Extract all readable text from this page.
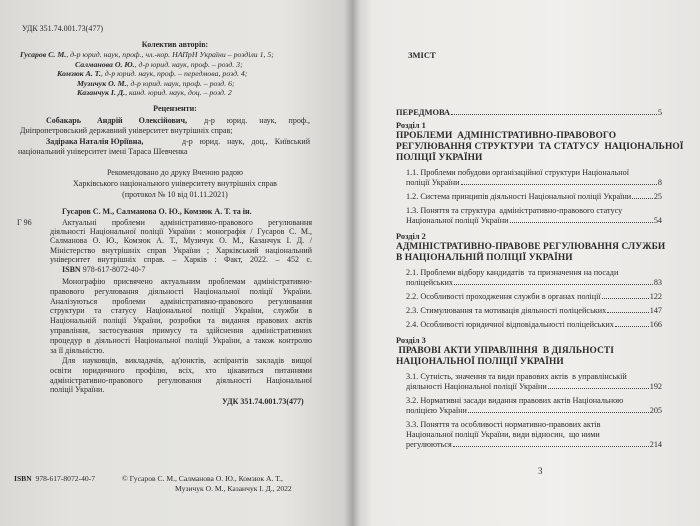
УДК 351.74.001.73(477)
Колектив авторів:
Гусаров С. М., д-р юрид. наук, проф., чл.-кор. НАПрН України – розділи 1, 5;
Салманова О. Ю., д-р юрид. наук, проф. – розд. 3;
Комзюк А. Т., д-р юрид. наук, проф. – передмова, розд. 4;
Музичук О. М., д-р юрид. наук, проф. – розд. 6;
Казанчук І. Д., канд. юрид. наук, доц. – розд. 2
Рецензенти:
Собакарь Андрій Олексійович, д-р юрид. наук, проф.,
Дніпропетровський державний університет внутрішніх справ;
Задірака Наталія Юріївна,	д-р юрид. наук, доц., Київський
національний університет імені Тараса Шевченка
Рекомендовано до друку Вченою радою
Харківського національного університету внутрішніх справ
(протокол № 10 від 01.11.2021)
Гусаров С. М., Салманова О. Ю., Комзюк А. Т. та ін.
Г 96	Актуальні проблеми адміністративно-правового регулювання
діяльності Національної поліції України : монографія / Гусаров С. М.,
Салманова О. Ю., Комзюк А. Т., Музичук О. М., Казанчук І. Д. /
Міністерство внутрішніх справ України ; Харківський національний
університет внутрішніх справ. – Харків : Факт, 2022. – 452 с.
ISBN 978-617-8072-40-7
Монографію присвячено актуальним проблемам адміністративно-
правового регулювання діяльності Національної поліції України.
Аналізуються проблеми адміністративно-правового регулювання
структури та статусу Національної поліції України, служби в
Національній поліції України, розробки та видання правових актів
управління, застосування примусу та здійснення адміністративних
процедур в діяльності Національної поліції України, а також контролю
за її діяльністю.
Для науковців, викладачів, ад'юнктів, аспірантів закладів вищої
освіти юридичного профілю, всіх, хто цікавиться питаннями
адміністративно-правового регулювання діяльності Національної
поліції України.
УДК 351.74.001.73(477)
ISBN 978-617-8072-40-7	© Гусаров С. М., Салманова О. Ю., Комзюк А. Т.,
Музичук О. М., Казанчук І. Д., 2022
ЗМІСТ
ПЕРЕДМОВА	5
Розділ 1
ПРОБЛЕМИ  АДМІНІСТРАТИВНО-ПРАВОВОГО
РЕГУЛЮВАННЯ СТРУКТУРИ  ТА СТАТУСУ  НАЦІОНАЛЬНОЇ
ПОЛІЦІЇ УКРАЇНИ
1.1. Проблеми побудови організаційної структури Національної
поліції України	8
1.2. Система принципів діяльності Національної поліції України	25
1.3. Поняття та структура  адміністративно-правового статусу
Національної поліції України	54
Розділ 2
АДМІНІСТРАТИВНО-ПРАВОВЕ РЕГУЛЮВАННЯ СЛУЖБИ
В НАЦІОНАЛЬНІЙ ПОЛІЦІЇ УКРАЇНИ
2.1. Проблеми відбору кандидатів  та призначення на посади
поліцейських	83
2.2. Особливості проходження служби в органах поліції	122
2.3. Стимулювання та мотивація діяльності поліцейських	147
2.4. Особливості юридичної відповідальності поліцейських	166
Розділ 3
ПРАВОВІ АКТИ УПРАВЛІННЯ  В ДІЯЛЬНОСТІ
НАЦІОНАЛЬНОЇ ПОЛІЦІЇ УКРАЇНИ
3.1. Сутність, значення та види правових актів  в управлінській
діяльності Національної поліції України	192
3.2. Нормативні засади видання правових актів Національною
поліцією України	205
3.3. Поняття та особливості нормативно-правових актів
Національної поліції України, види відносин,  що ними
регулюються	214
3
